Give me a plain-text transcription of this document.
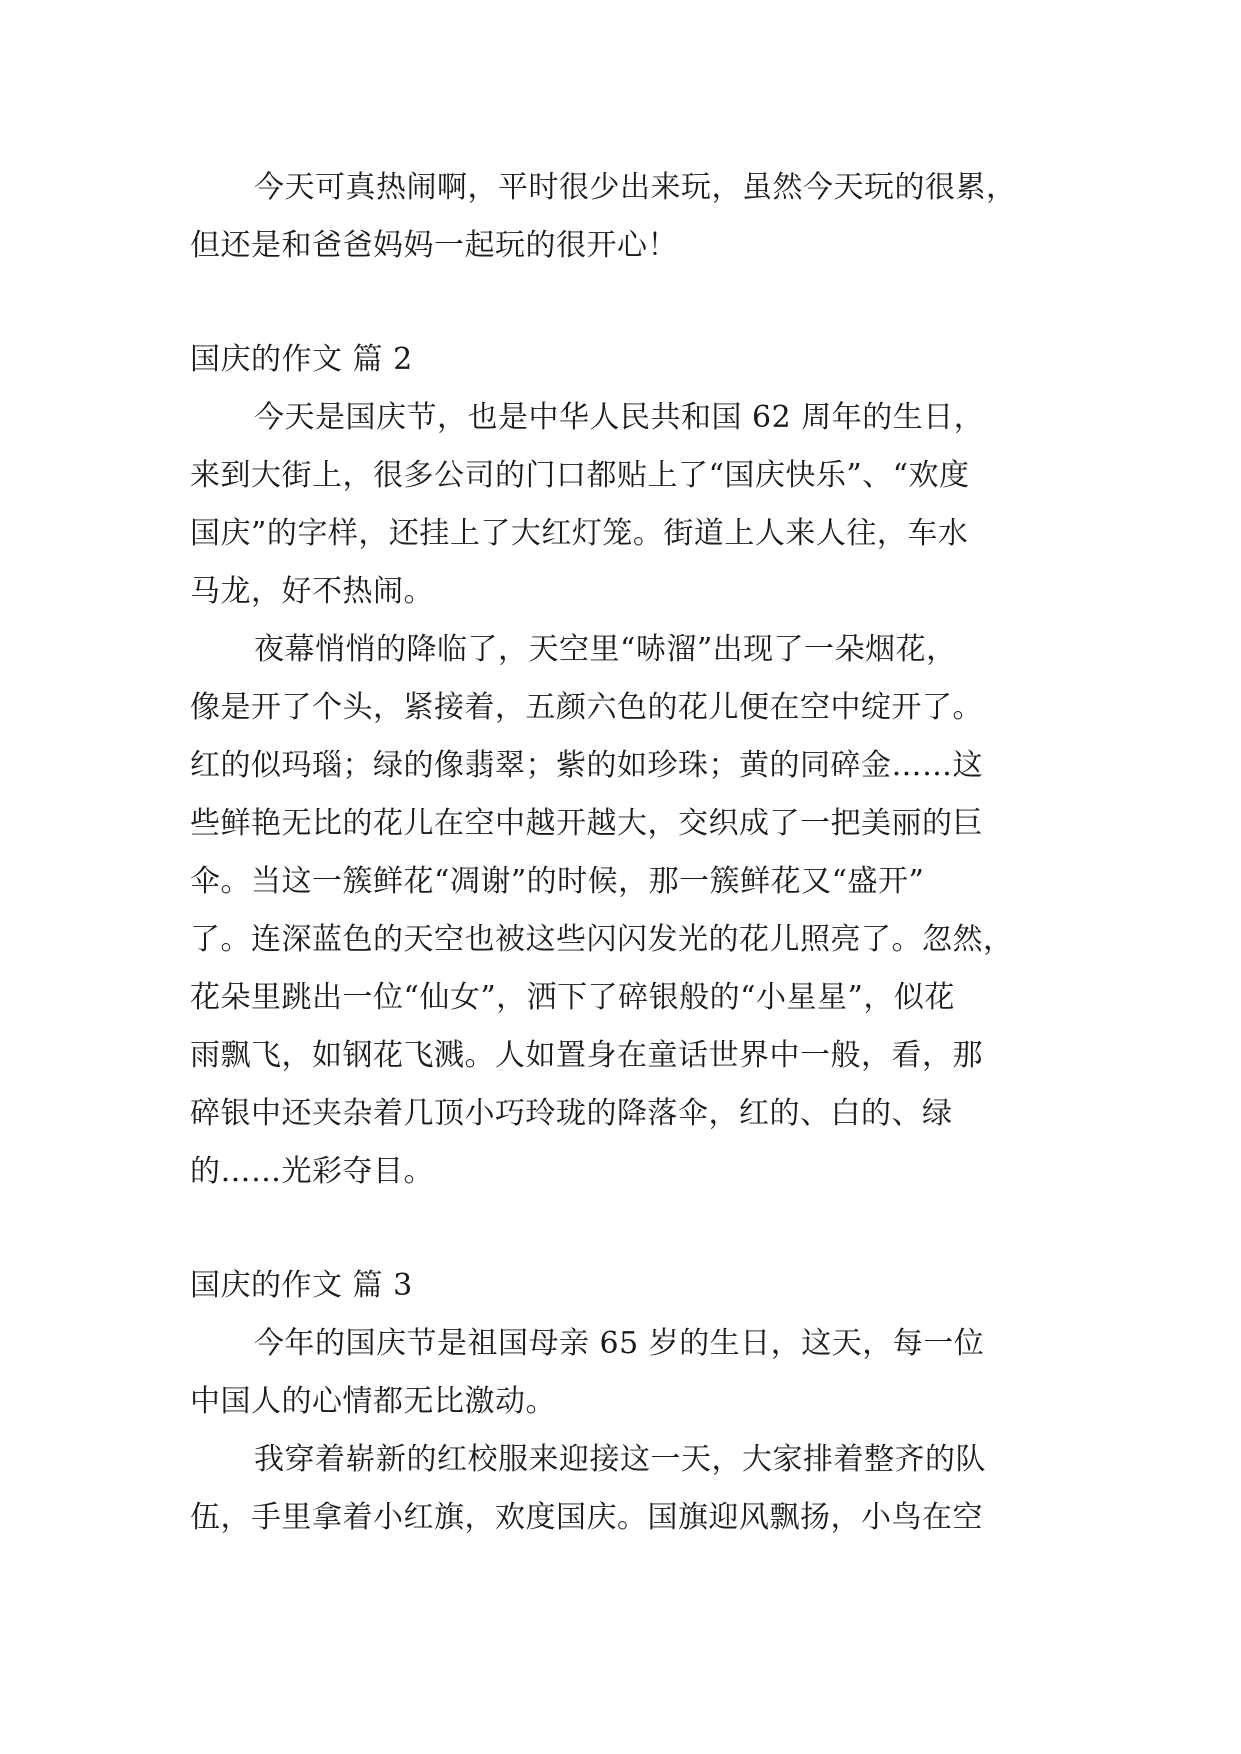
今天可真热闹啊，平时很少出来玩，虽然今天玩的很累，
但还是和爸爸妈妈一起玩的很开心！
国庆的作文 篇 2
今天是国庆节，也是中华人民共和国 62 周年的生日，
来到大街上，很多公司的门口都贴上了“国庆快乐”、“欢度
国庆”的字样，还挂上了大红灯笼。街道上人来人往，车水
马龙，好不热闹。
夜幕悄悄的降临了，天空里“哧溜”出现了一朵烟花，
像是开了个头，紧接着，五颜六色的花儿便在空中绽开了。
红的似玛瑙；绿的像翡翠；紫的如珍珠；黄的同碎金……这
些鲜艳无比的花儿在空中越开越大，交织成了一把美丽的巨
伞。当这一簇鲜花“凋谢”的时候，那一簇鲜花又“盛开”
了。连深蓝色的天空也被这些闪闪发光的花儿照亮了。忽然，
花朵里跳出一位“仙女”，洒下了碎银般的“小星星”，似花
雨飘飞，如钢花飞溅。人如置身在童话世界中一般，看，那
碎银中还夹杂着几顶小巧玲珑的降落伞，红的、白的、绿
的……光彩夺目。
国庆的作文 篇 3
今年的国庆节是祖国母亲 65 岁的生日，这天，每一位
中国人的心情都无比激动。
我穿着崭新的红校服来迎接这一天，大家排着整齐的队
伍，手里拿着小红旗，欢度国庆。国旗迎风飘扬，小鸟在空
